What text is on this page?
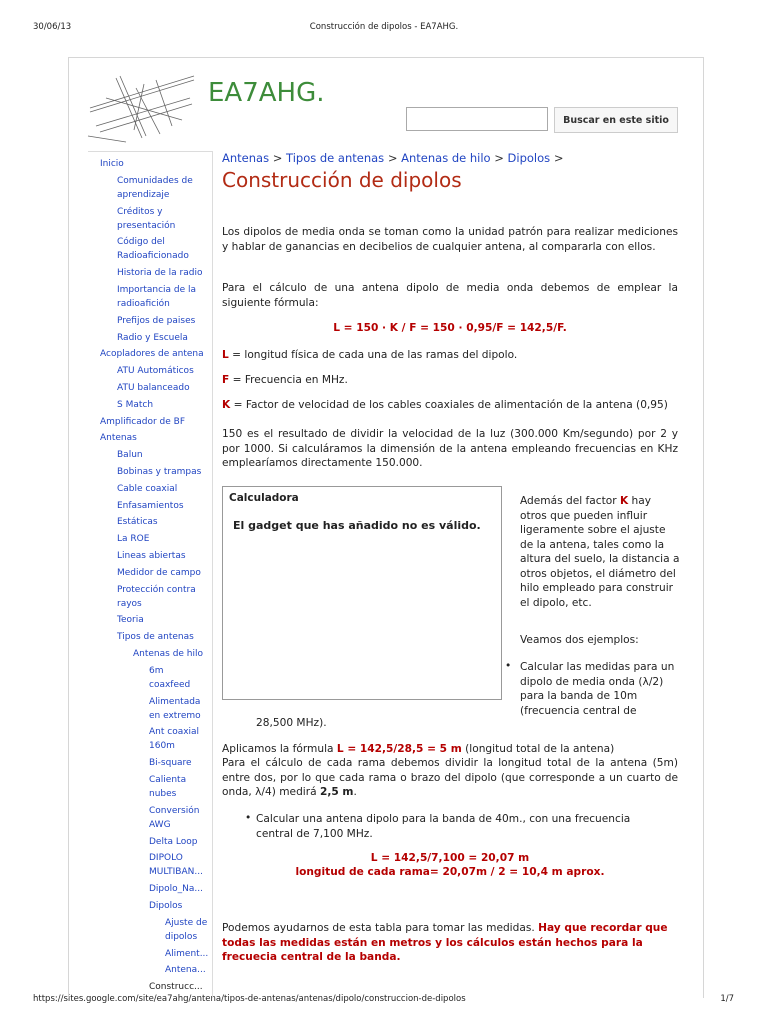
30/06/13	Construcción de dipolos - EA7AHG.
https://sites.google.com/site/ea7ahg/antena/tipos-de-antenas/antenas/dipolo/construccion-de-dipolos	1/7
EA7AHG.
Buscar en este sitio
Inicio
Comunidades de aprendizaje
Créditos y presentación
Código del Radioaficionado
Historia de la radio
Importancia de la radioafición
Prefijos de paises
Radio y Escuela
Acopladores de antena
ATU Automáticos
ATU balanceado
S Match
Amplificador de BF
Antenas
Balun
Bobinas y trampas
Cable coaxial
Enfasamientos
Estáticas
La ROE
Lineas abiertas
Medidor de campo
Protección contra rayos
Teoria
Tipos de antenas
Antenas de hilo
6m coaxfeed
Alimentada en extremo
Ant coaxial 160m
Bi-square
Calienta nubes
Conversión AWG
Delta Loop
DIPOLO MULTIBAN...
Dipolo_Na...
Dipolos
Ajuste de dipolos
Aliment...
Antena...
Construcc...
Antenas > Tipos de antenas > Antenas de hilo > Dipolos >
Construcción de dipolos
Los dipolos de media onda se toman como la unidad patrón para realizar mediciones y hablar de ganancias en decibelios de cualquier antena, al compararla con ellos.
Para el cálculo de una antena dipolo de media onda debemos de emplear la siguiente fórmula:
L = 150 · K / F = 150 · 0,95/F = 142,5/F.
L = longitud física de cada una de las ramas del dipolo.
F = Frecuencia en MHz.
K = Factor de velocidad de los cables coaxiales de alimentación de la antena (0,95)
150 es el resultado de dividir la velocidad de la luz (300.000 Km/segundo) por 2 y por 1000. Si calculáramos la dimensión de la antena empleando frecuencias en KHz emplearíamos directamente 150.000.
Calculadora
El gadget que has añadido no es válido.
Además del factor K hay otros que pueden influir ligeramente sobre el ajuste de la antena, tales como la altura del suelo, la distancia a otros objetos, el diámetro del hilo empleado para construir el dipolo, etc.
Veamos dos ejemplos:
• Calcular las medidas para un dipolo de media onda (λ/2) para la banda de 10m (frecuencia central de
28,500 MHz).
Aplicamos la fórmula L = 142,5/28,5 = 5 m (longitud total de la antena)
Para el cálculo de cada rama debemos dividir la longitud total de la antena (5m) entre dos, por lo que cada rama o brazo del dipolo (que corresponde a un cuarto de onda, λ/4) medirá 2,5 m.
• Calcular una antena dipolo para la banda de 40m., con una frecuencia central de 7,100 MHz.
L = 142,5/7,100 = 20,07 m
longitud de cada rama= 20,07m / 2 = 10,4 m aprox.
Podemos ayudarnos de esta tabla para tomar las medidas. Hay que recordar que todas las medidas están en metros y los cálculos están hechos para la frecuecia central de la banda.
